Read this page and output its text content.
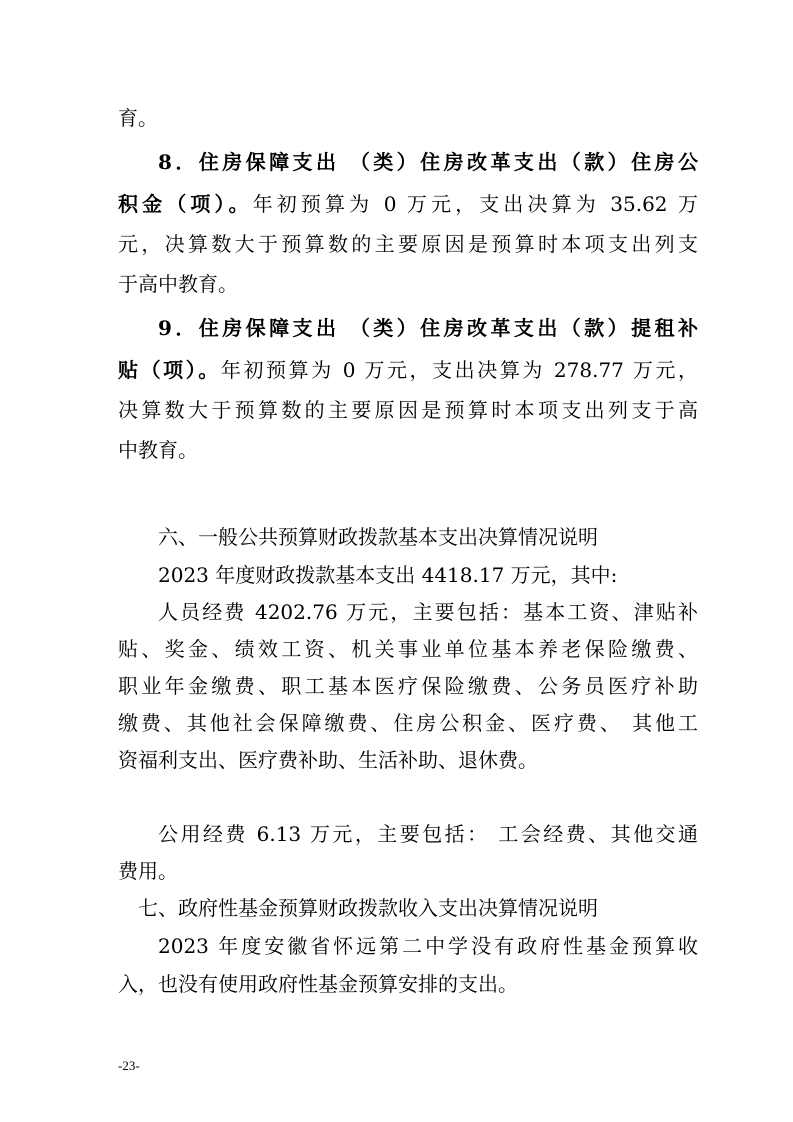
育。
8．住房保障支出 （类）住房改革支出（款）住房公
积金（项）。年初预算为 0 万元，支出决算为 35.62 万
元，决算数大于预算数的主要原因是预算时本项支出列支
于高中教育。
9．住房保障支出 （类）住房改革支出（款）提租补
贴（项）。年初预算为 0 万元，支出决算为 278.77 万元，
决算数大于预算数的主要原因是预算时本项支出列支于高
中教育。
六、一般公共预算财政拨款基本支出决算情况说明
2023 年度财政拨款基本支出 4418.17 万元，其中:
人员经费 4202.76 万元，主要包括：基本工资、津贴补
贴、奖金、绩效工资、机关事业单位基本养老保险缴费、
职业年金缴费、职工基本医疗保险缴费、公务员医疗补助
缴费、其他社会保障缴费、住房公积金、医疗费、 其他工
资福利支出、医疗费补助、生活补助、退休费。
公用经费 6.13 万元，主要包括： 工会经费、其他交通
费用。
七、政府性基金预算财政拨款收入支出决算情况说明
2023 年度安徽省怀远第二中学没有政府性基金预算收
入，也没有使用政府性基金预算安排的支出。
-23-
